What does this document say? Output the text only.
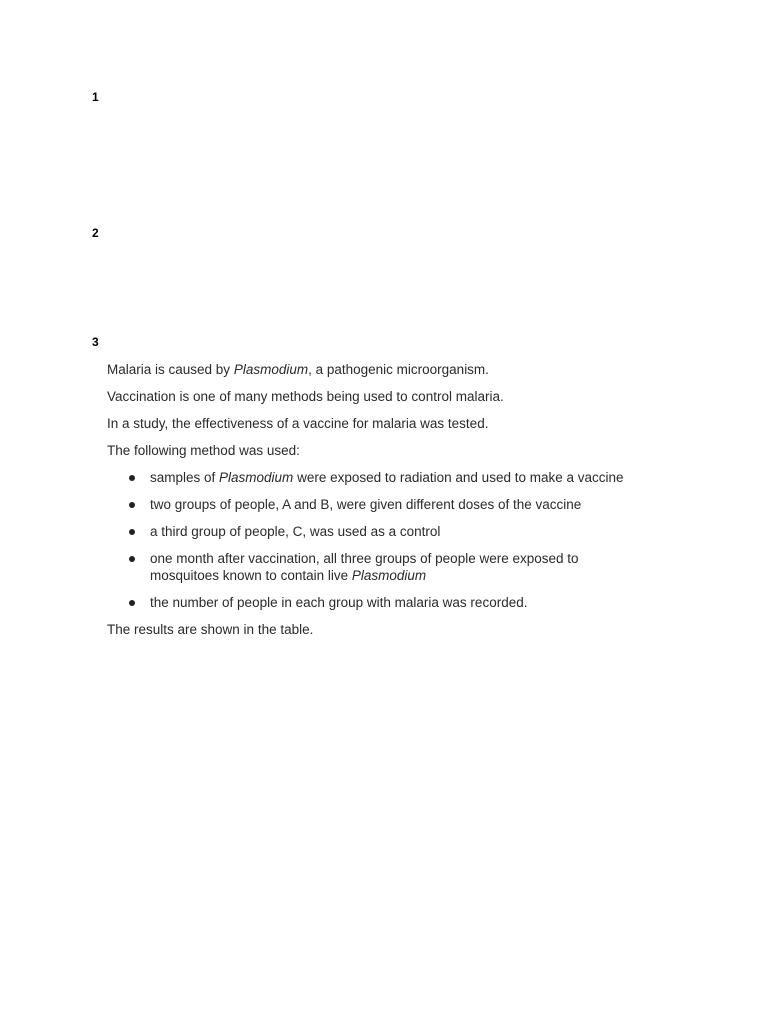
1
2
3

Malaria is caused by Plasmodium, a pathogenic microorganism.

Vaccination is one of many methods being used to control malaria.

In a study, the effectiveness of a vaccine for malaria was tested.

The following method was used:

samples of Plasmodium were exposed to radiation and used to make a vaccine
two groups of people, A and B, were given different doses of the vaccine
a third group of people, C, was used as a control
one month after vaccination, all three groups of people were exposed to
mosquitoes known to contain live Plasmodium
the number of people in each group with malaria was recorded.

The results are shown in the table.
